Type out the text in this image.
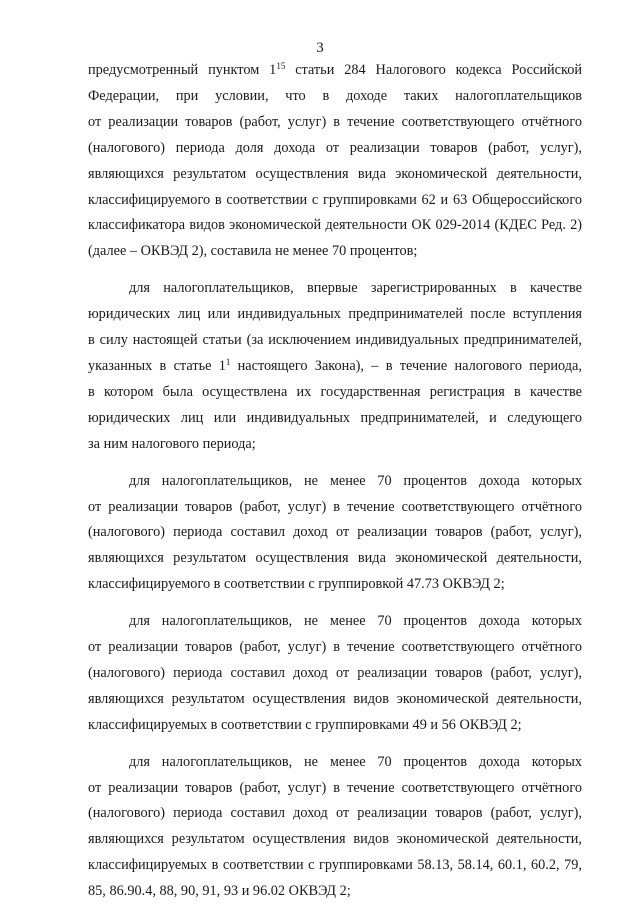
3
предусмотренный пунктом $1^{15}$ статьи 284 Налогового кодекса Российской
Федерации, при условии, что в доходе таких налогоплательщиков
от реализации товаров (работ, услуг) в течение соответствующего отчётного
(налогового) периода доля дохода от реализации товаров (работ, услуг),
являющихся результатом осуществления вида экономической деятельности,
классифицируемого в соответствии с группировками 62 и 63 Общероссийского
классификатора видов экономической деятельности ОК 029-2014 (КДЕС Ред. 2)
(далее – ОКВЭД 2), составила не менее 70 процентов;
для налогоплательщиков, впервые зарегистрированных в качестве
юридических лиц или индивидуальных предпринимателей после вступления
в силу настоящей статьи (за исключением индивидуальных предпринимателей,
указанных в статье $1^1$ настоящего Закона), – в течение налогового периода,
в котором была осуществлена их государственная регистрация в качестве
юридических лиц или индивидуальных предпринимателей, и следующего
за ним налогового периода;
для налогоплательщиков, не менее 70 процентов дохода которых
от реализации товаров (работ, услуг) в течение соответствующего отчётного
(налогового) периода составил доход от реализации товаров (работ, услуг),
являющихся результатом осуществления вида экономической деятельности,
классифицируемого в соответствии с группировкой 47.73 ОКВЭД 2;
для налогоплательщиков, не менее 70 процентов дохода которых
от реализации товаров (работ, услуг) в течение соответствующего отчётного
(налогового) периода составил доход от реализации товаров (работ, услуг),
являющихся результатом осуществления видов экономической деятельности,
классифицируемых в соответствии с группировками 49 и 56 ОКВЭД 2;
для налогоплательщиков, не менее 70 процентов дохода которых
от реализации товаров (работ, услуг) в течение соответствующего отчётного
(налогового) периода составил доход от реализации товаров (работ, услуг),
являющихся результатом осуществления видов экономической деятельности,
классифицируемых в соответствии с группировками 58.13, 58.14, 60.1, 60.2, 79,
85, 86.90.4, 88, 90, 91, 93 и 96.02 ОКВЭД 2;
